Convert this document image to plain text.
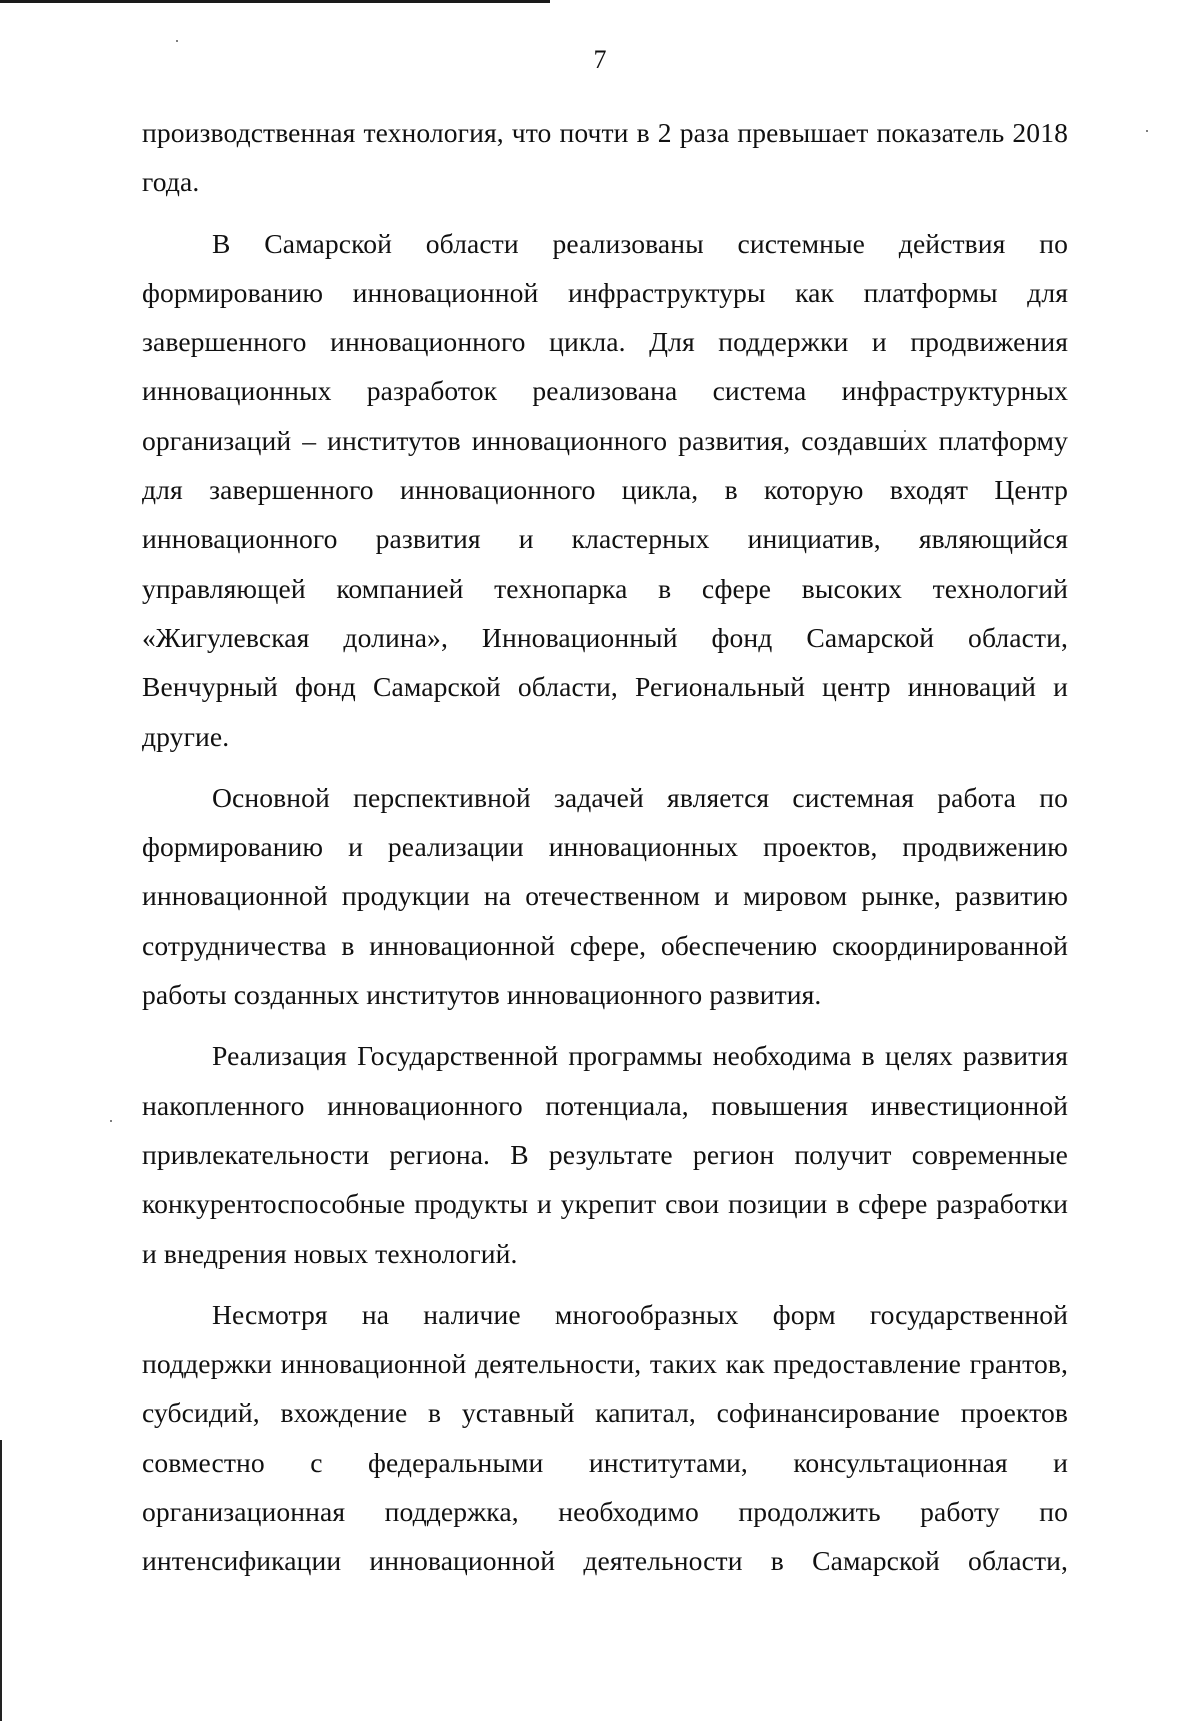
7

производственная технология, что почти в 2 раза превышает показатель 2018 года.

В Самарской области реализованы системные действия по формированию инновационной инфраструктуры как платформы для завершенного инновационного цикла. Для поддержки и продвижения инновационных разработок реализована система инфраструктурных организаций – институтов инновационного развития, создавших платформу для завершенного инновационного цикла, в которую входят Центр инновационного развития и кластерных инициатив, являющийся управляющей компанией технопарка в сфере высоких технологий «Жигулевская долина», Инновационный фонд Самарской области, Венчурный фонд Самарской области, Региональный центр инноваций и другие.

Основной перспективной задачей является системная работа по формированию и реализации инновационных проектов, продвижению инновационной продукции на отечественном и мировом рынке, развитию сотрудничества в инновационной сфере, обеспечению скоординированной работы созданных институтов инновационного развития.

Реализация Государственной программы необходима в целях развития накопленного инновационного потенциала, повышения инвестиционной привлекательности региона. В результате регион получит современные конкурентоспособные продукты и укрепит свои позиции в сфере разработки и внедрения новых технологий.

Несмотря на наличие многообразных форм государственной поддержки инновационной деятельности, таких как предоставление грантов, субсидий, вхождение в уставный капитал, софинансирование проектов совместно с федеральными институтами, консультационная и организационная поддержка, необходимо продолжить работу по интенсификации инновационной деятельности в Самарской области,
